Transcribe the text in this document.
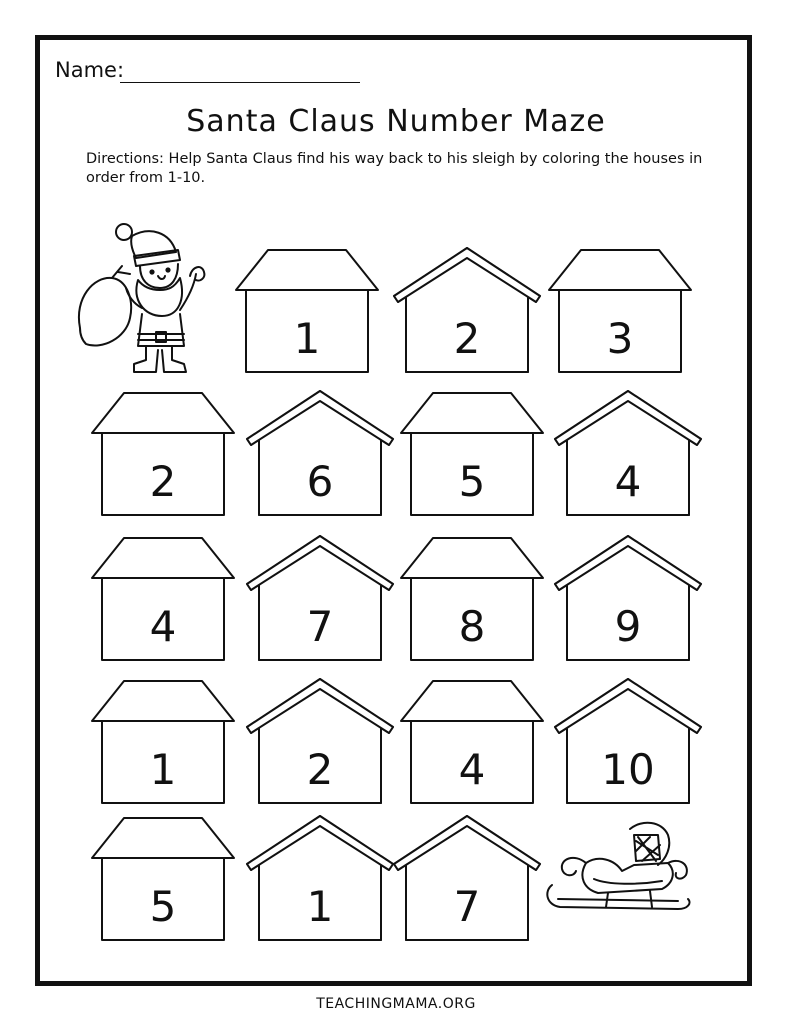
Name:
Santa Claus Number Maze
Directions: Help Santa Claus find his way back to his sleigh by coloring the houses in order from 1-10.
1	2	3
2	6	5	4
4	7	8	9
1	2	4	10
5	1	7
TEACHINGMAMA.ORG
